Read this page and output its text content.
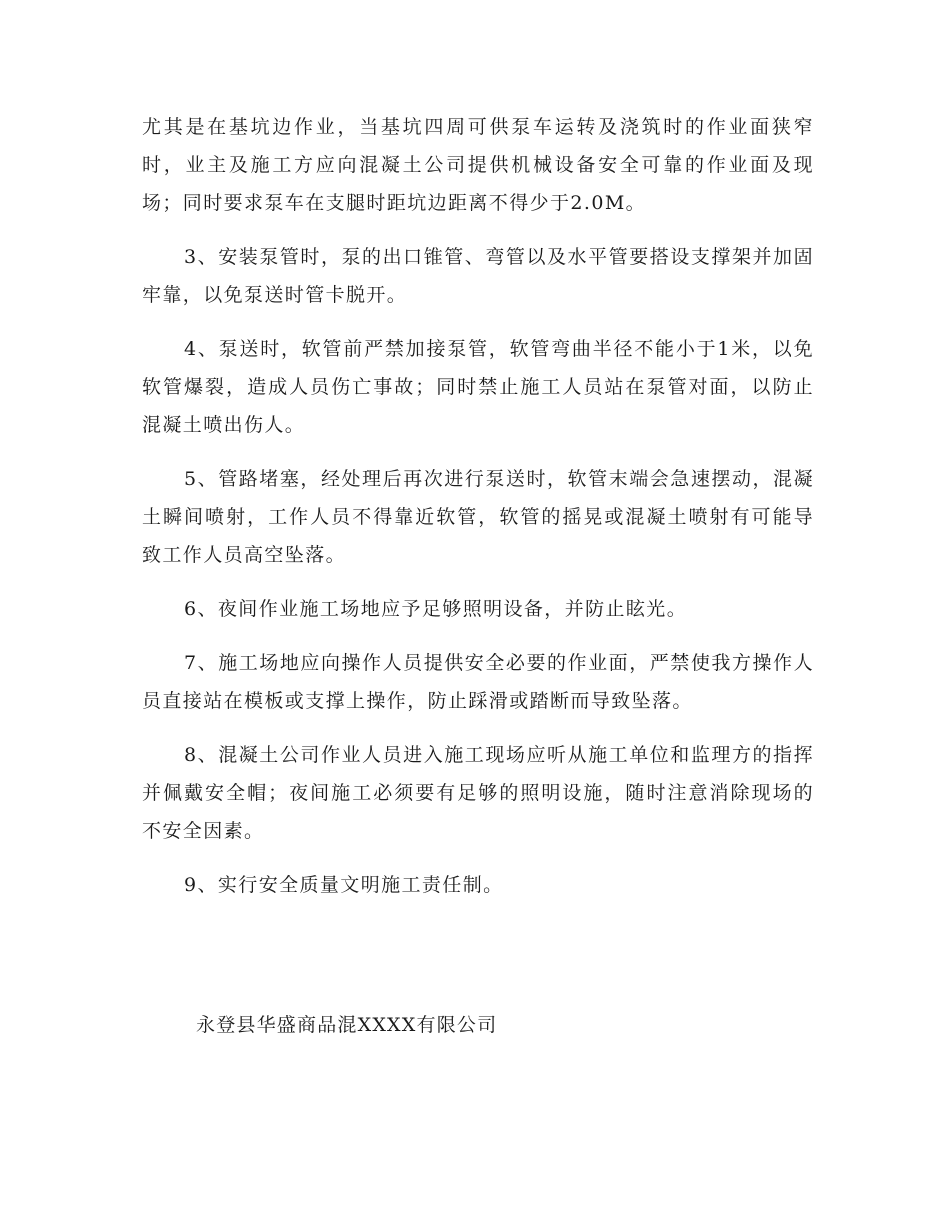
尤其是在基坑边作业，当基坑四周可供泵车运转及浇筑时的作业面狭窄时，业主及施工方应向混凝土公司提供机械设备安全可靠的作业面及现场；同时要求泵车在支腿时距坑边距离不得少于2.0M。

3、安装泵管时，泵的出口锥管、弯管以及水平管要搭设支撑架并加固牢靠，以免泵送时管卡脱开。

4、泵送时，软管前严禁加接泵管，软管弯曲半径不能小于1米，以免软管爆裂，造成人员伤亡事故；同时禁止施工人员站在泵管对面，以防止混凝土喷出伤人。

5、管路堵塞，经处理后再次进行泵送时，软管末端会急速摆动，混凝土瞬间喷射，工作人员不得靠近软管，软管的摇晃或混凝土喷射有可能导致工作人员高空坠落。

6、夜间作业施工场地应予足够照明设备，并防止眩光。

7、施工场地应向操作人员提供安全必要的作业面，严禁使我方操作人员直接站在模板或支撑上操作，防止踩滑或踏断而导致坠落。

8、混凝土公司作业人员进入施工现场应听从施工单位和监理方的指挥并佩戴安全帽；夜间施工必须要有足够的照明设施，随时注意消除现场的不安全因素。

9、实行安全质量文明施工责任制。

永登县华盛商品混XXXX有限公司
